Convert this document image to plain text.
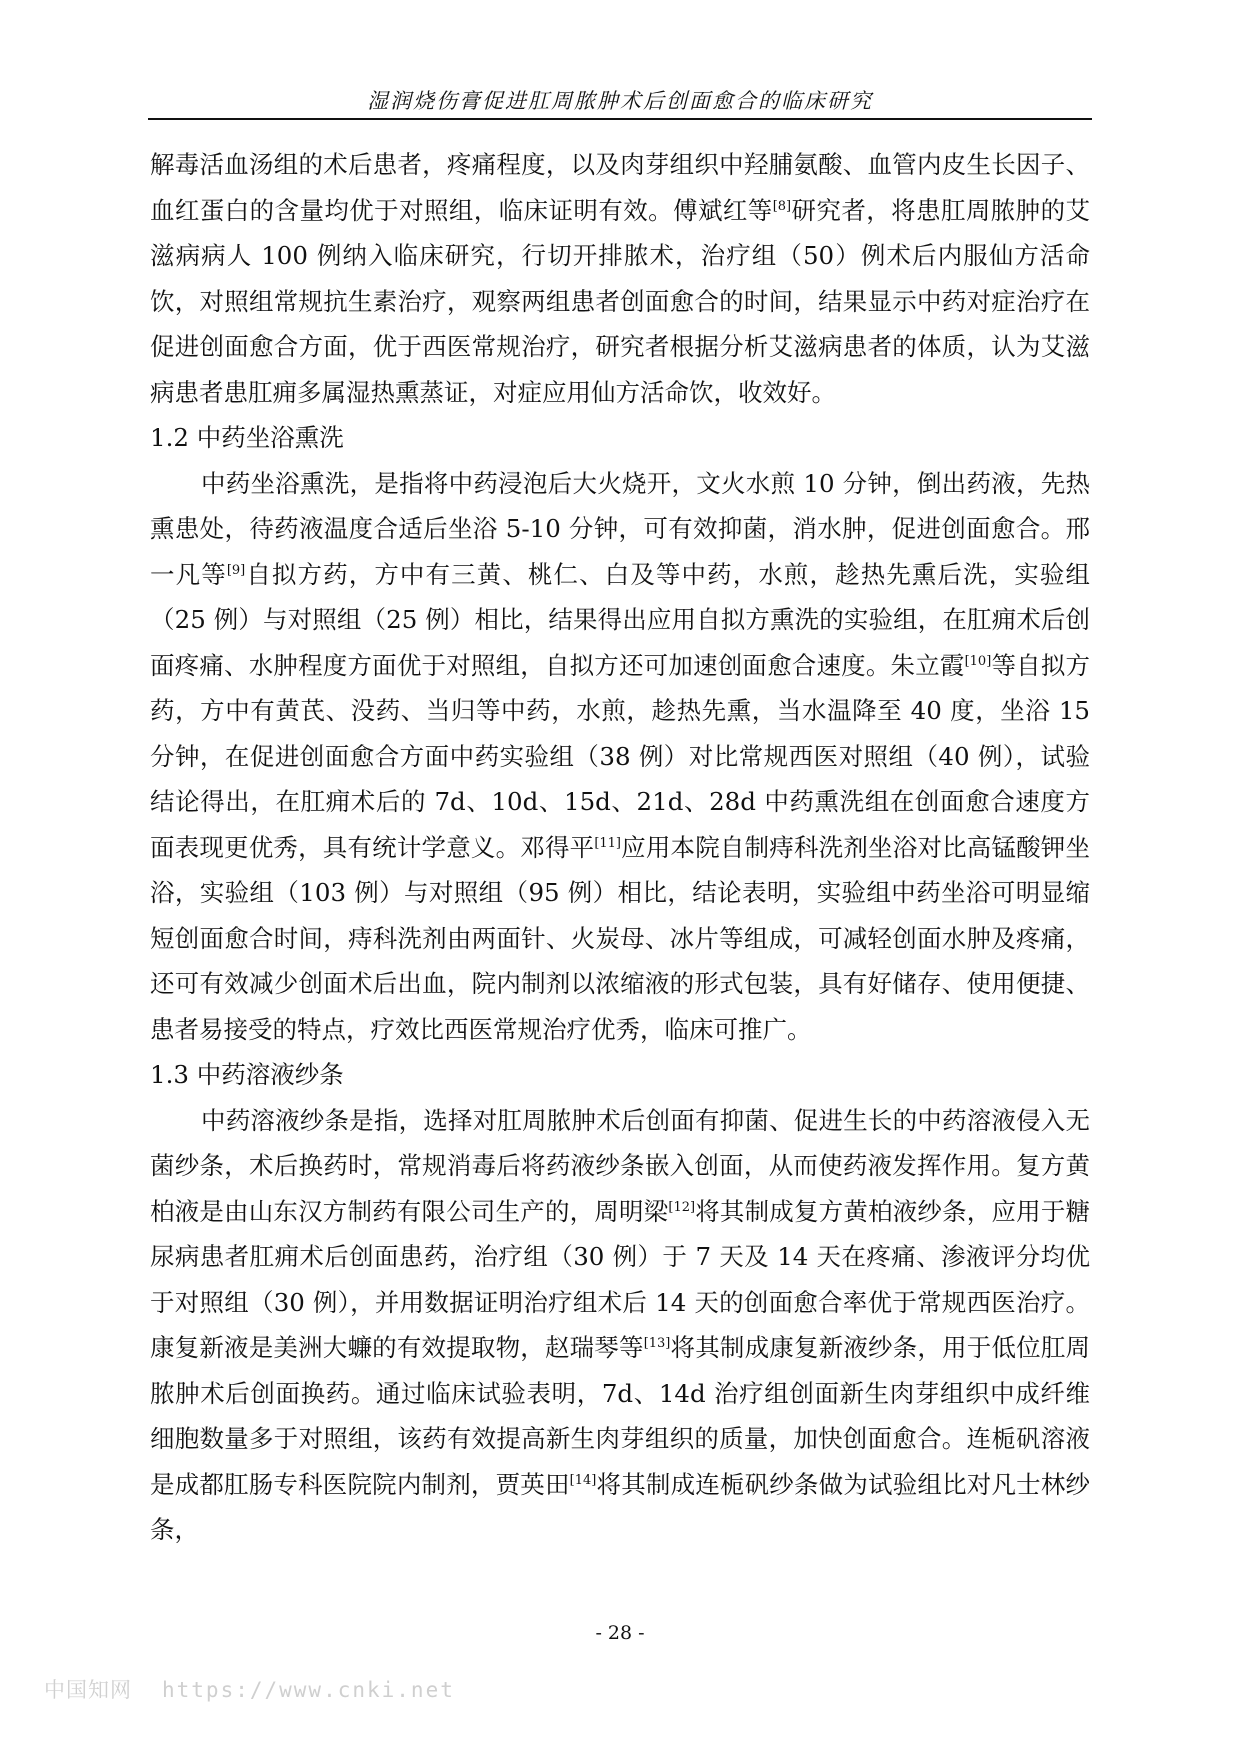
湿润烧伤膏促进肛周脓肿术后创面愈合的临床研究

解毒活血汤组的术后患者，疼痛程度，以及肉芽组织中羟脯氨酸、血管内皮生长因子、血红蛋白的含量均优于对照组，临床证明有效。傅斌红等[8]研究者，将患肛周脓肿的艾滋病病人 100 例纳入临床研究，行切开排脓术，治疗组（50）例术后内服仙方活命饮，对照组常规抗生素治疗，观察两组患者创面愈合的时间，结果显示中药对症治疗在促进创面愈合方面，优于西医常规治疗，研究者根据分析艾滋病患者的体质，认为艾滋病患者患肛痈多属湿热熏蒸证，对症应用仙方活命饮，收效好。

1.2 中药坐浴熏洗

中药坐浴熏洗，是指将中药浸泡后大火烧开，文火水煎 10 分钟，倒出药液，先热熏患处，待药液温度合适后坐浴 5-10 分钟，可有效抑菌，消水肿，促进创面愈合。邢一凡等[9]自拟方药，方中有三黄、桃仁、白及等中药，水煎，趁热先熏后洗，实验组（25 例）与对照组（25 例）相比，结果得出应用自拟方熏洗的实验组，在肛痈术后创面疼痛、水肿程度方面优于对照组，自拟方还可加速创面愈合速度。朱立霞[10]等自拟方药，方中有黄芪、没药、当归等中药，水煎，趁热先熏，当水温降至 40 度，坐浴 15 分钟，在促进创面愈合方面中药实验组（38 例）对比常规西医对照组（40 例），试验结论得出，在肛痈术后的 7d、10d、15d、21d、28d 中药熏洗组在创面愈合速度方面表现更优秀，具有统计学意义。邓得平[11]应用本院自制痔科洗剂坐浴对比高锰酸钾坐浴，实验组（103 例）与对照组（95 例）相比，结论表明，实验组中药坐浴可明显缩短创面愈合时间，痔科洗剂由两面针、火炭母、冰片等组成，可减轻创面水肿及疼痛，还可有效减少创面术后出血，院内制剂以浓缩液的形式包装，具有好储存、使用便捷、患者易接受的特点，疗效比西医常规治疗优秀，临床可推广。

1.3 中药溶液纱条

中药溶液纱条是指，选择对肛周脓肿术后创面有抑菌、促进生长的中药溶液侵入无菌纱条，术后换药时，常规消毒后将药液纱条嵌入创面，从而使药液发挥作用。复方黄柏液是由山东汉方制药有限公司生产的，周明梁[12]将其制成复方黄柏液纱条，应用于糖尿病患者肛痈术后创面患药，治疗组（30 例）于 7 天及 14 天在疼痛、渗液评分均优于对照组（30 例），并用数据证明治疗组术后 14 天的创面愈合率优于常规西医治疗。康复新液是美洲大蠊的有效提取物，赵瑞琴等[13]将其制成康复新液纱条，用于低位肛周脓肿术后创面换药。通过临床试验表明，7d、14d 治疗组创面新生肉芽组织中成纤维细胞数量多于对照组，该药有效提高新生肉芽组织的质量，加快创面愈合。连栀矾溶液是成都肛肠专科医院院内制剂，贾英田[14]将其制成连栀矾纱条做为试验组比对凡士林纱条，

- 28 -
中国知网 https://www.cnki.net
